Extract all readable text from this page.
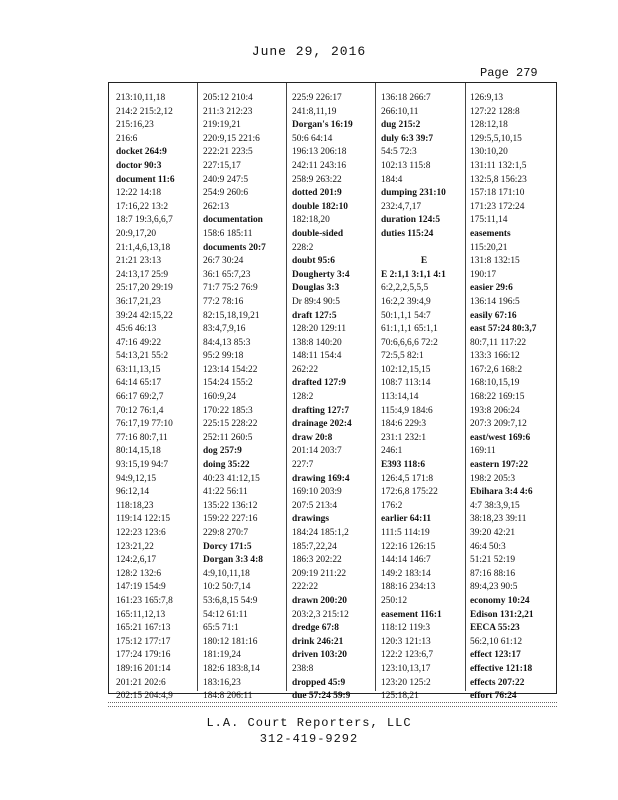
June 29, 2016
Page 279
213:10,11,18
214:2 215:2,12
215:16,23
216:6
docket 264:9
doctor 90:3
document 11:6
12:22 14:18
17:16,22 13:2
18:7 19:3,6,6,7
20:9,17,20
21:1,4,6,13,18
21:21 23:13
24:13,17 25:9
25:17,20 29:19
36:17,21,23
39:24 42:15,22
45:6 46:13
47:16 49:22
54:13,21 55:2
63:11,13,15
64:14 65:17
66:17 69:2,7
70:12 76:1,4
76:17,19 77:10
77:16 80:7,11
80:14,15,18
93:15,19 94:7
94:9,12,15
96:12,14
118:18,23
119:14 122:15
122:23 123:6
123:21,22
124:2,6,17
128:2 132:6
147:19 154:9
161:23 165:7,8
165:11,12,13
165:21 167:13
175:12 177:17
177:24 179:16
189:16 201:14
201:21 202:6
202:15 204:4,9
205:12 210:4
211:3 212:23
219:19,21
220:9,15 221:6
222:21 223:5
227:15,17
240:9 247:5
254:9 260:6
262:13
documentation
158:6 185:11
documents 20:7
26:7 30:24
36:1 65:7,23
71:7 75:2 76:9
77:2 78:16
82:15,18,19,21
83:4,7,9,16
84:4,13 85:3
95:2 99:18
123:14 154:22
154:24 155:2
160:9,24
170:22 185:3
225:15 228:22
252:11 260:5
dog 257:9
doing 35:22
40:23 41:12,15
41:22 56:11
135:22 136:12
159:22 227:16
229:8 270:7
Dorcy 171:5
Dorgan 3:3 4:8
4:9,10,11,18
10:2 50:7,14
53:6,8,15 54:9
54:12 61:11
65:5 71:1
180:12 181:16
181:19,24
182:6 183:8,14
183:16,23
184:8 206:11
225:9 226:17
241:8,11,19
Dorgan's 16:19
50:6 64:14
196:13 206:18
242:11 243:16
258:9 263:22
dotted 201:9
double 182:10
182:18,20
double-sided
228:2
doubt 95:6
Dougherty 3:4
Douglas 3:3
Dr 89:4 90:5
draft 127:5
128:20 129:11
138:8 140:20
148:11 154:4
262:22
drafted 127:9
128:2
drafting 127:7
drainage 202:4
draw 20:8
201:14 203:7
227:7
drawing 169:4
169:10 203:9
207:5 213:4
drawings
184:24 185:1,2
185:7,22,24
186:3 202:22
209:19 211:22
222:22
drawn 200:20
203:2,3 215:12
dredge 67:8
drink 246:21
driven 103:20
238:8
dropped 45:9
due 57:24 59:9
136:18 266:7
266:10,11
dug 215:2
duly 6:3 39:7
54:5 72:3
102:13 115:8
184:4
dumping 231:10
232:4,7,17
duration 124:5
duties 115:24

E
E 2:1,1 3:1,1 4:1
6:2,2,2,5,5,5
16:2,2 39:4,9
50:1,1,1 54:7
61:1,1,1 65:1,1
70:6,6,6,6 72:2
72:5,5 82:1
102:12,15,15
108:7 113:14
113:14,14
115:4,9 184:6
184:6 229:3
231:1 232:1
246:1
E393 118:6
126:4,5 171:8
172:6,8 175:22
176:2
earlier 64:11
111:5 114:19
122:16 126:15
144:14 146:7
149:2 183:14
188:16 234:13
250:12
easement 116:1
118:12 119:3
120:3 121:13
122:2 123:6,7
123:10,13,17
123:20 125:2
125:18,21
126:9,13
127:22 128:8
128:12,18
129:5,5,10,15
130:10,20
131:11 132:1,5
132:5,8 156:23
157:18 171:10
171:23 172:24
175:11,14
easements
115:20,21
131:8 132:15
190:17
easier 29:6
136:14 196:5
easily 67:16
east 57:24 80:3,7
80:7,11 117:22
133:3 166:12
167:2,6 168:2
168:10,15,19
168:22 169:15
193:8 206:24
207:3 209:7,12
east/west 169:6
169:11
eastern 197:22
198:2 205:3
Ebihara 3:4 4:6
4:7 38:3,9,15
38:18,23 39:11
39:20 42:21
46:4 50:3
51:21 52:19
87:16 88:16
89:4,23 90:5
economy 10:24
Edison 131:2,21
EECA 55:23
56:2,10 61:12
effect 123:17
effective 121:18
effects 207:22
effort 76:24
L.A. Court Reporters, LLC
312-419-9292
